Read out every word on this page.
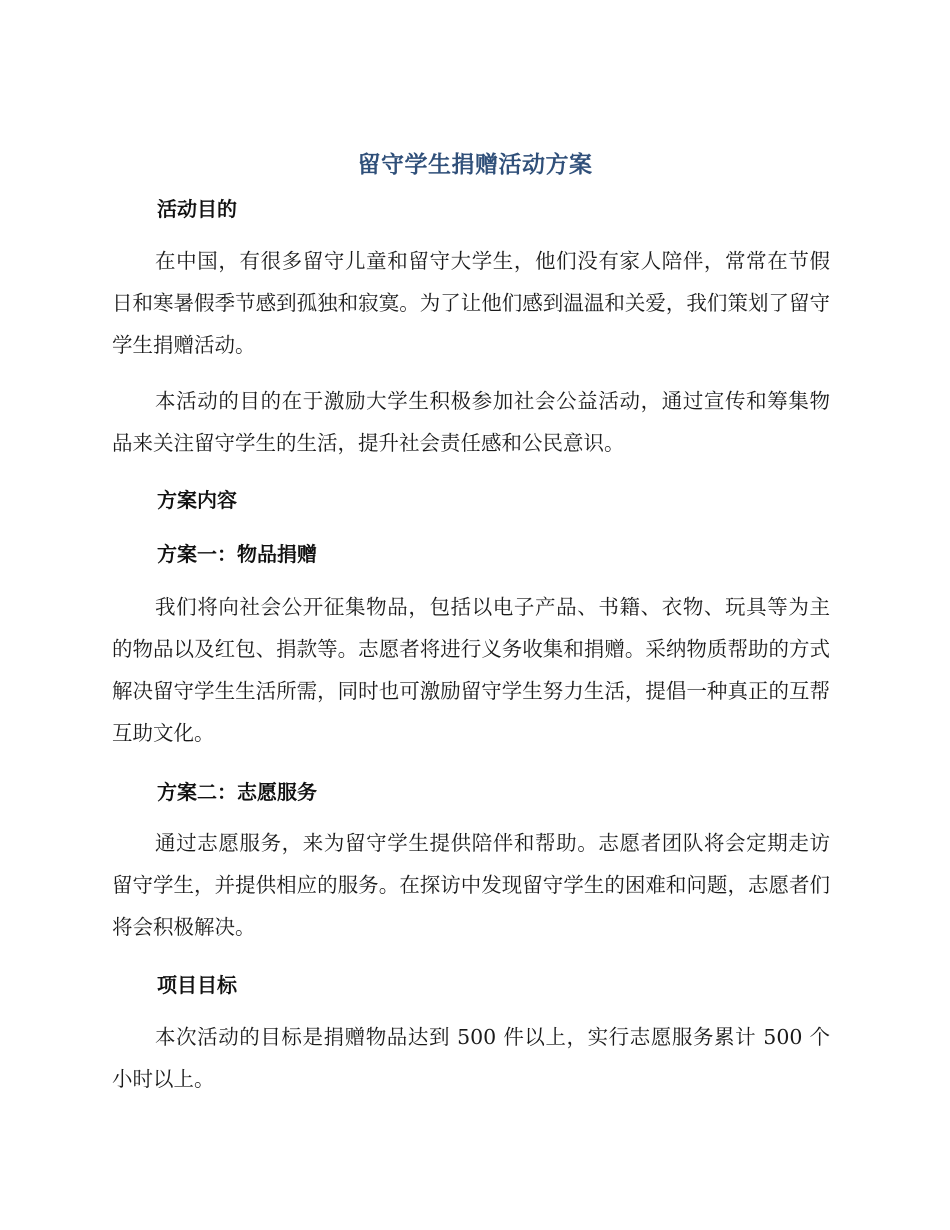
留守学生捐赠活动方案
活动目的
在中国，有很多留守儿童和留守大学生，他们没有家人陪伴，常常在节假日和寒暑假季节感到孤独和寂寞。为了让他们感到温温和关爱，我们策划了留守学生捐赠活动。
本活动的目的在于激励大学生积极参加社会公益活动，通过宣传和筹集物品来关注留守学生的生活，提升社会责任感和公民意识。
方案内容
方案一：物品捐赠
我们将向社会公开征集物品，包括以电子产品、书籍、衣物、玩具等为主的物品以及红包、捐款等。志愿者将进行义务收集和捐赠。采纳物质帮助的方式解决留守学生生活所需，同时也可激励留守学生努力生活，提倡一种真正的互帮互助文化。
方案二：志愿服务
通过志愿服务，来为留守学生提供陪伴和帮助。志愿者团队将会定期走访留守学生，并提供相应的服务。在探访中发现留守学生的困难和问题，志愿者们将会积极解决。
项目目标
本次活动的目标是捐赠物品达到 500 件以上，实行志愿服务累计 500 个小时以上。
